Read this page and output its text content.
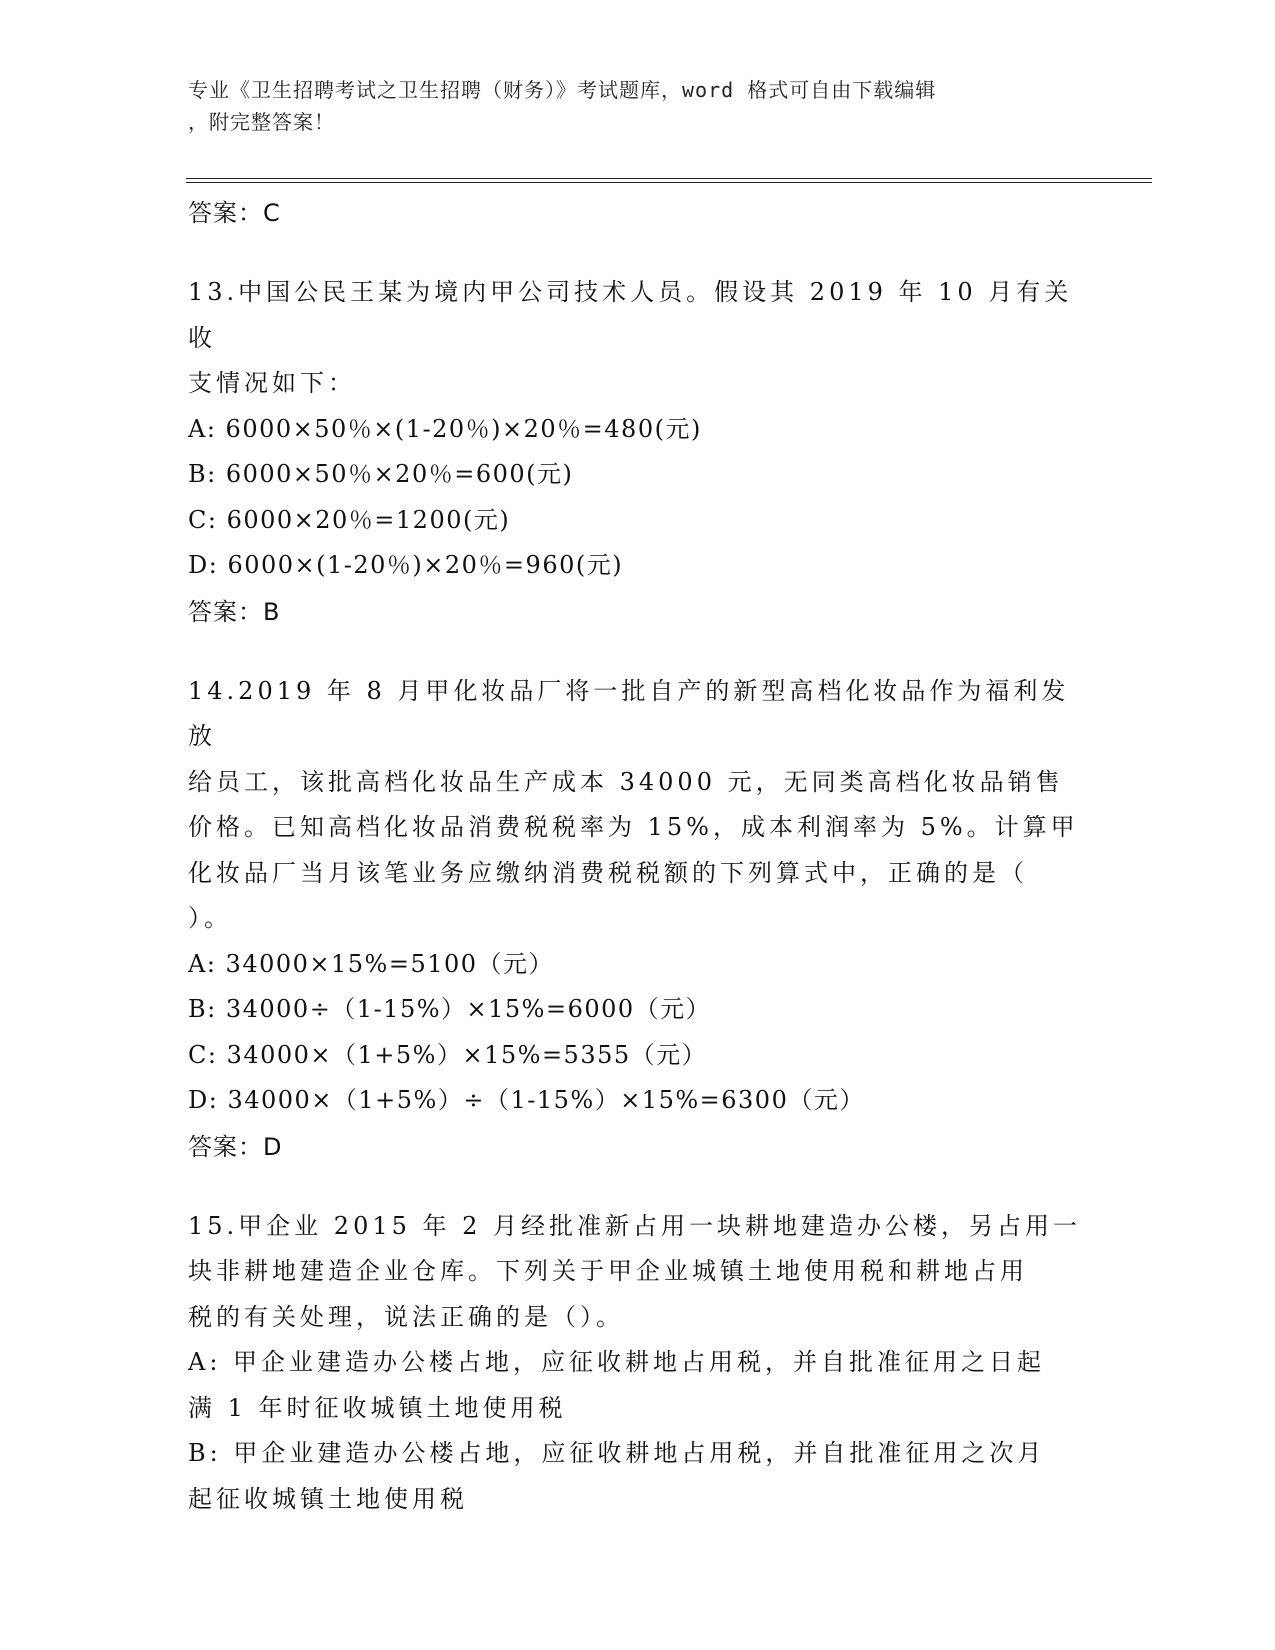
专业《卫生招聘考试之卫生招聘（财务）》考试题库，word 格式可自由下载编辑
，附完整答案！
答案：C
13.中国公民王某为境内甲公司技术人员。假设其 2019 年 10 月有关收
支情况如下：
A: 6000×50％×(1-20％)×20％=480(元)
B: 6000×50％×20％=600(元)
C: 6000×20％=1200(元)
D: 6000×(1-20％)×20％=960(元)
答案：B
14.2019 年 8 月甲化妆品厂将一批自产的新型高档化妆品作为福利发放
给员工，该批高档化妆品生产成本 34000 元，无同类高档化妆品销售
价格。已知高档化妆品消费税税率为 15%，成本利润率为 5%。计算甲
化妆品厂当月该笔业务应缴纳消费税税额的下列算式中，正确的是（
）。
A: 34000×15%=5100（元）
B: 34000÷（1-15%）×15%=6000（元）
C: 34000×（1+5%）×15%=5355（元）
D: 34000×（1+5%）÷（1-15%）×15%=6300（元）
答案：D
15.甲企业 2015 年 2 月经批准新占用一块耕地建造办公楼，另占用一
块非耕地建造企业仓库。下列关于甲企业城镇土地使用税和耕地占用
税的有关处理，说法正确的是（）。
A: 甲企业建造办公楼占地，应征收耕地占用税，并自批准征用之日起
满 1 年时征收城镇土地使用税
B: 甲企业建造办公楼占地，应征收耕地占用税，并自批准征用之次月
起征收城镇土地使用税
